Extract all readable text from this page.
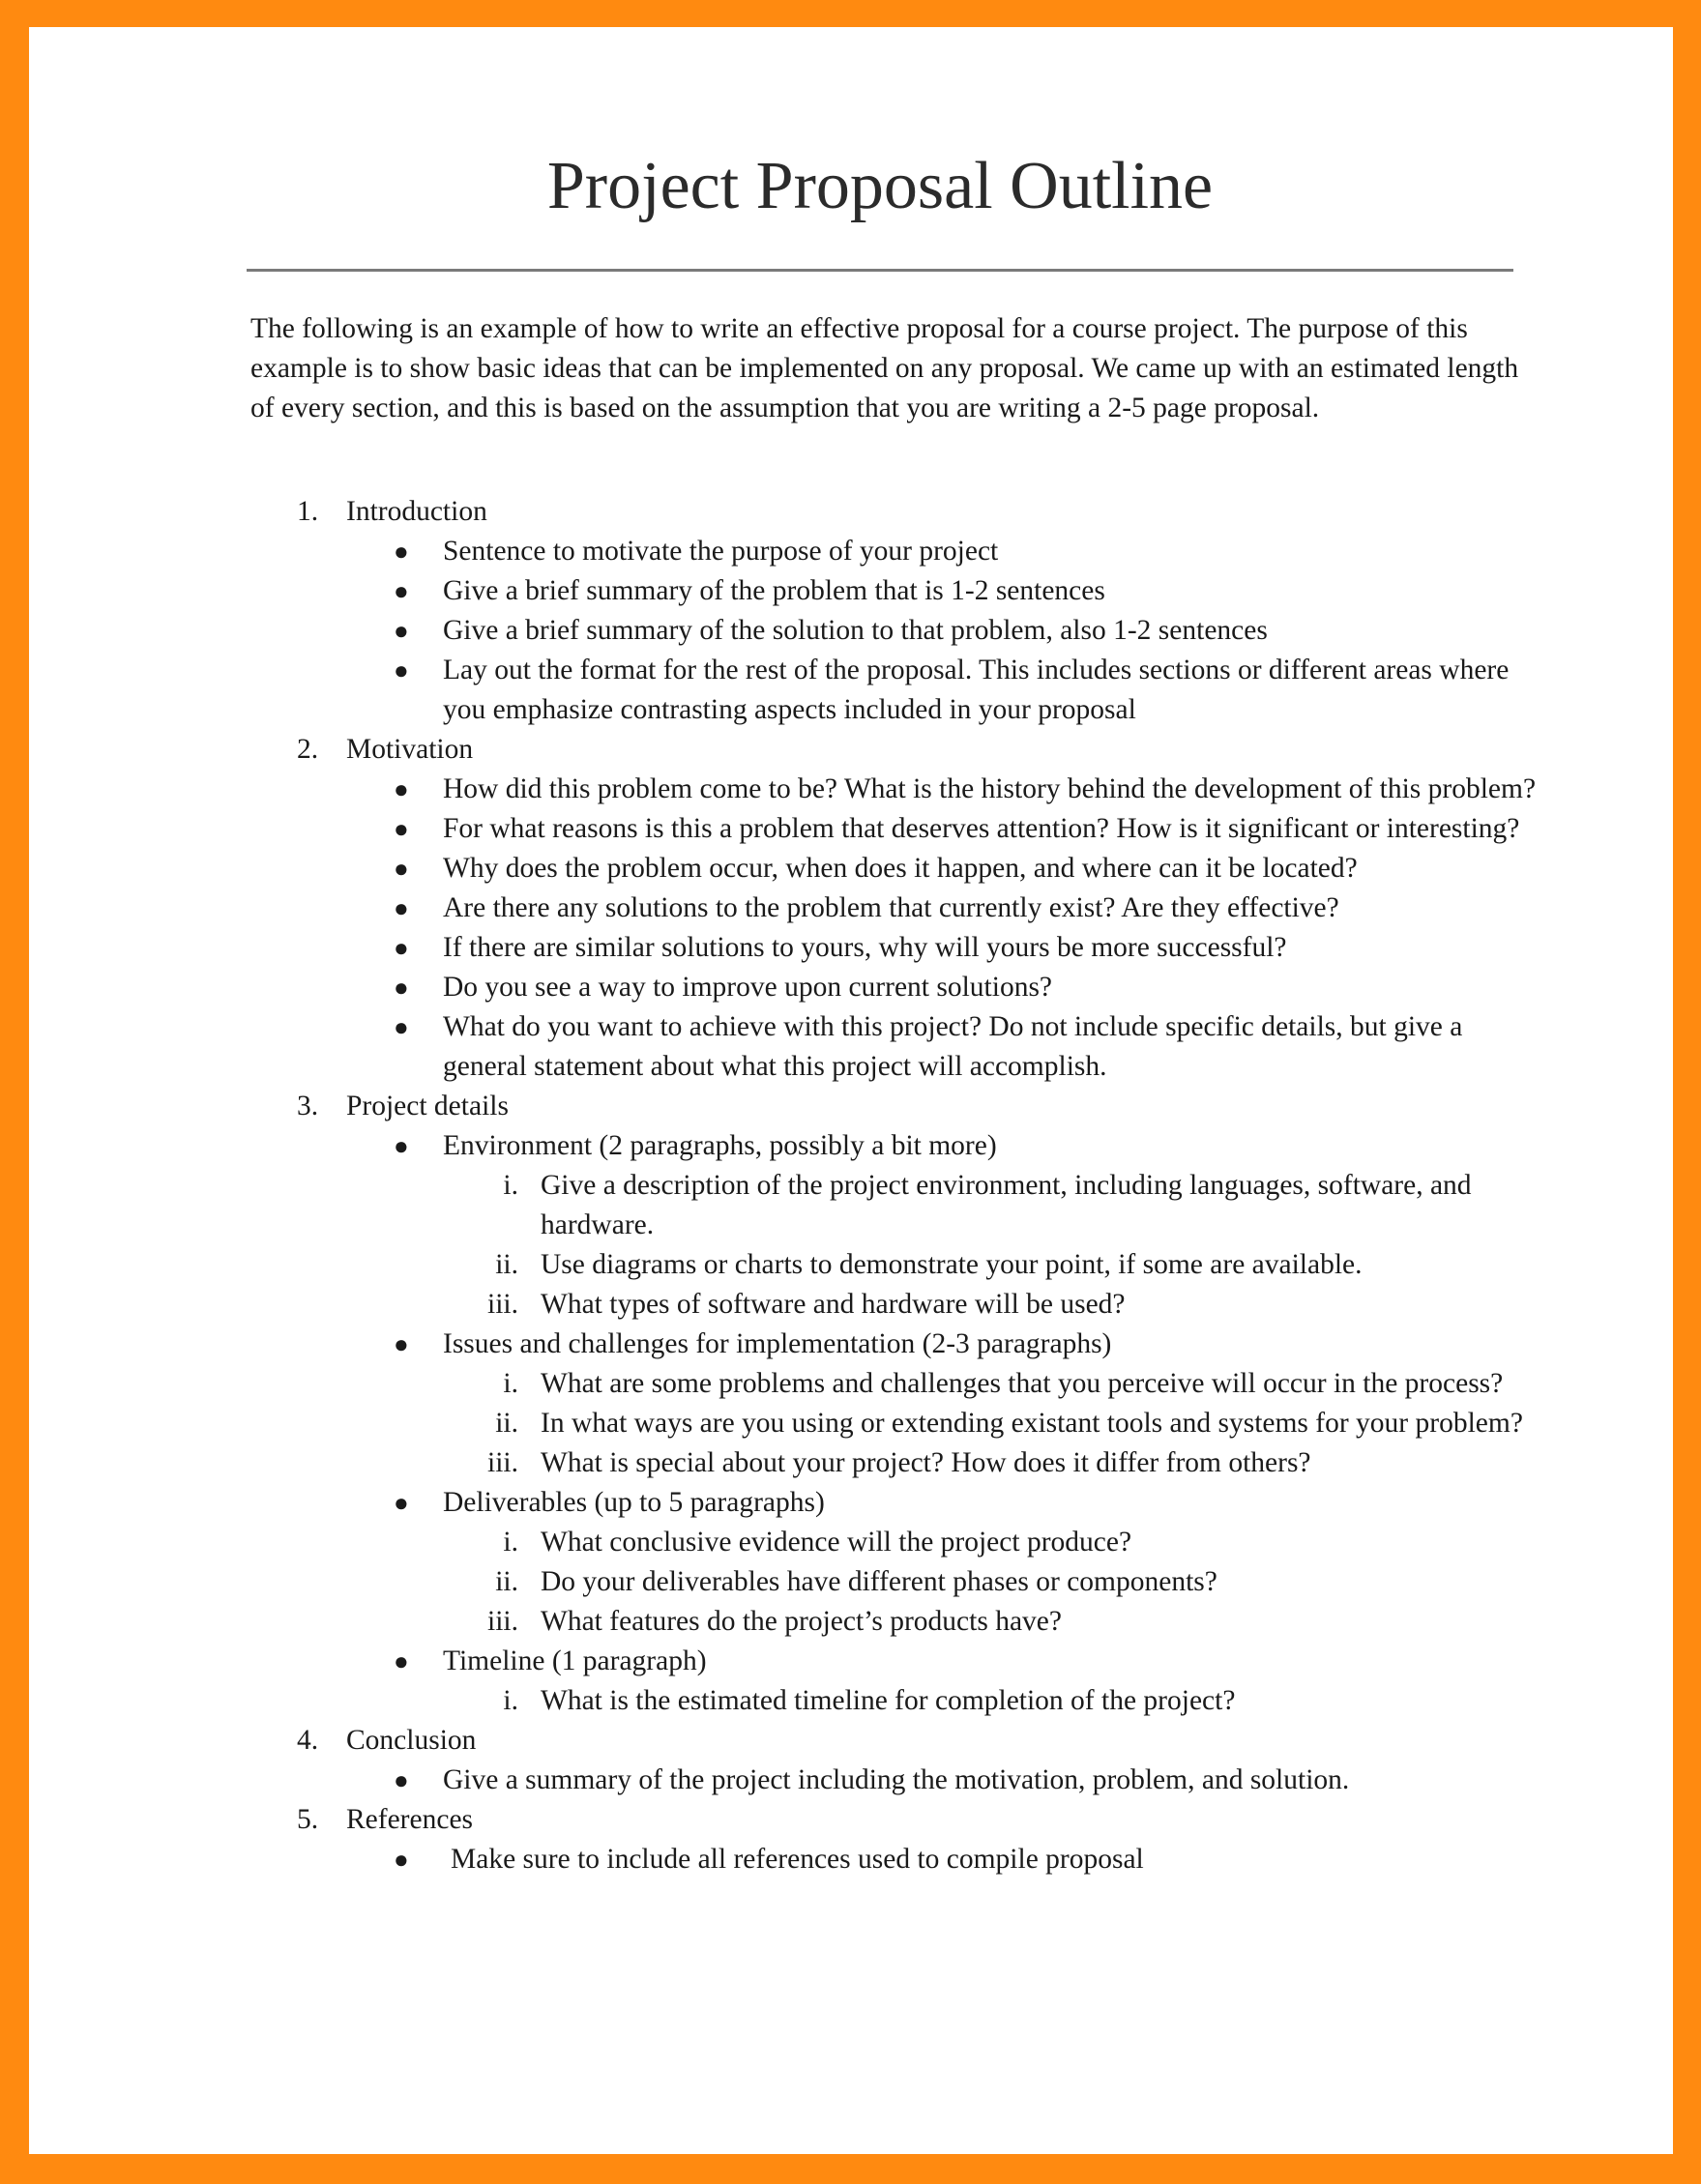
Project Proposal Outline

The following is an example of how to write an effective proposal for a course project. The purpose of this example is to show basic ideas that can be implemented on any proposal. We came up with an estimated length of every section, and this is based on the assumption that you are writing a 2-5 page proposal.

1. Introduction
● Sentence to motivate the purpose of your project
● Give a brief summary of the problem that is 1-2 sentences
● Give a brief summary of the solution to that problem, also 1-2 sentences
● Lay out the format for the rest of the proposal. This includes sections or different areas where you emphasize contrasting aspects included in your proposal
2. Motivation
● How did this problem come to be? What is the history behind the development of this problem?
● For what reasons is this a problem that deserves attention? How is it significant or interesting?
● Why does the problem occur, when does it happen, and where can it be located?
● Are there any solutions to the problem that currently exist? Are they effective?
● If there are similar solutions to yours, why will yours be more successful?
● Do you see a way to improve upon current solutions?
● What do you want to achieve with this project? Do not include specific details, but give a general statement about what this project will accomplish.
3. Project details
● Environment (2 paragraphs, possibly a bit more)
i. Give a description of the project environment, including languages, software, and hardware.
ii. Use diagrams or charts to demonstrate your point, if some are available.
iii. What types of software and hardware will be used?
● Issues and challenges for implementation (2-3 paragraphs)
i. What are some problems and challenges that you perceive will occur in the process?
ii. In what ways are you using or extending existant tools and systems for your problem?
iii. What is special about your project? How does it differ from others?
● Deliverables (up to 5 paragraphs)
i. What conclusive evidence will the project produce?
ii. Do your deliverables have different phases or components?
iii. What features do the project’s products have?
● Timeline (1 paragraph)
i. What is the estimated timeline for completion of the project?
4. Conclusion
● Give a summary of the project including the motivation, problem, and solution.
5. References
● Make sure to include all references used to compile proposal
